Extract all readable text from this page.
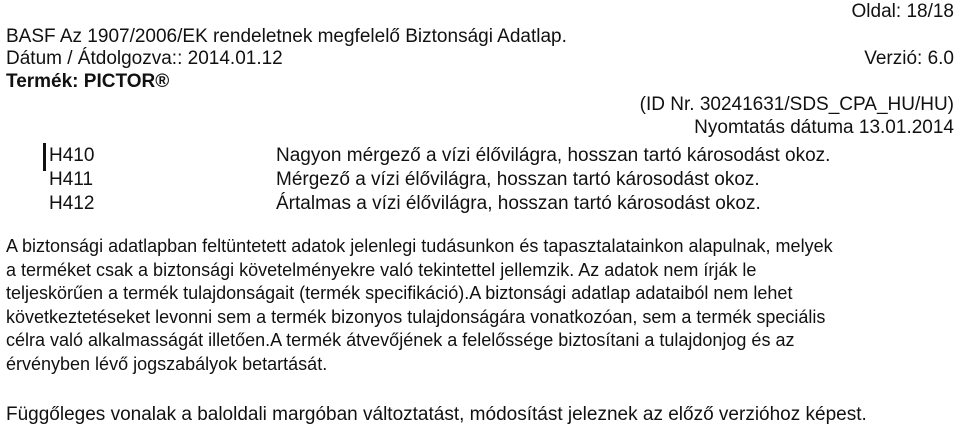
Oldal: 18/18
BASF Az 1907/2006/EK rendeletnek megfelelő Biztonsági Adatlap.
Dátum / Átdolgozva:: 2014.01.12	Verzió: 6.0
Termék: PICTOR®
(ID Nr. 30241631/SDS_CPA_HU/HU)
Nyomtatás dátuma 13.01.2014
H410	Nagyon mérgező a vízi élővilágra, hosszan tartó károsodást okoz.
H411	Mérgező a vízi élővilágra, hosszan tartó károsodást okoz.
H412	Ártalmas a vízi élővilágra, hosszan tartó károsodást okoz.
A biztonsági adatlapban feltüntetett adatok jelenlegi tudásunkon és tapasztalatainkon alapulnak, melyek
a terméket csak a biztonsági követelményekre való tekintettel jellemzik. Az adatok nem írják le
teljeskörűen a termék tulajdonságait (termék specifikáció).A biztonsági adatlap adataiból nem lehet
következtetéseket levonni sem a termék bizonyos tulajdonságára vonatkozóan, sem a termék speciális
célra való alkalmasságát illetően.A termék átvevőjének a felelőssége biztosítani a tulajdonjog és az
érvényben lévő jogszabályok betartását.
Függőleges vonalak a baloldali margóban változtatást, módosítást jeleznek az előző verzióhoz képest.
